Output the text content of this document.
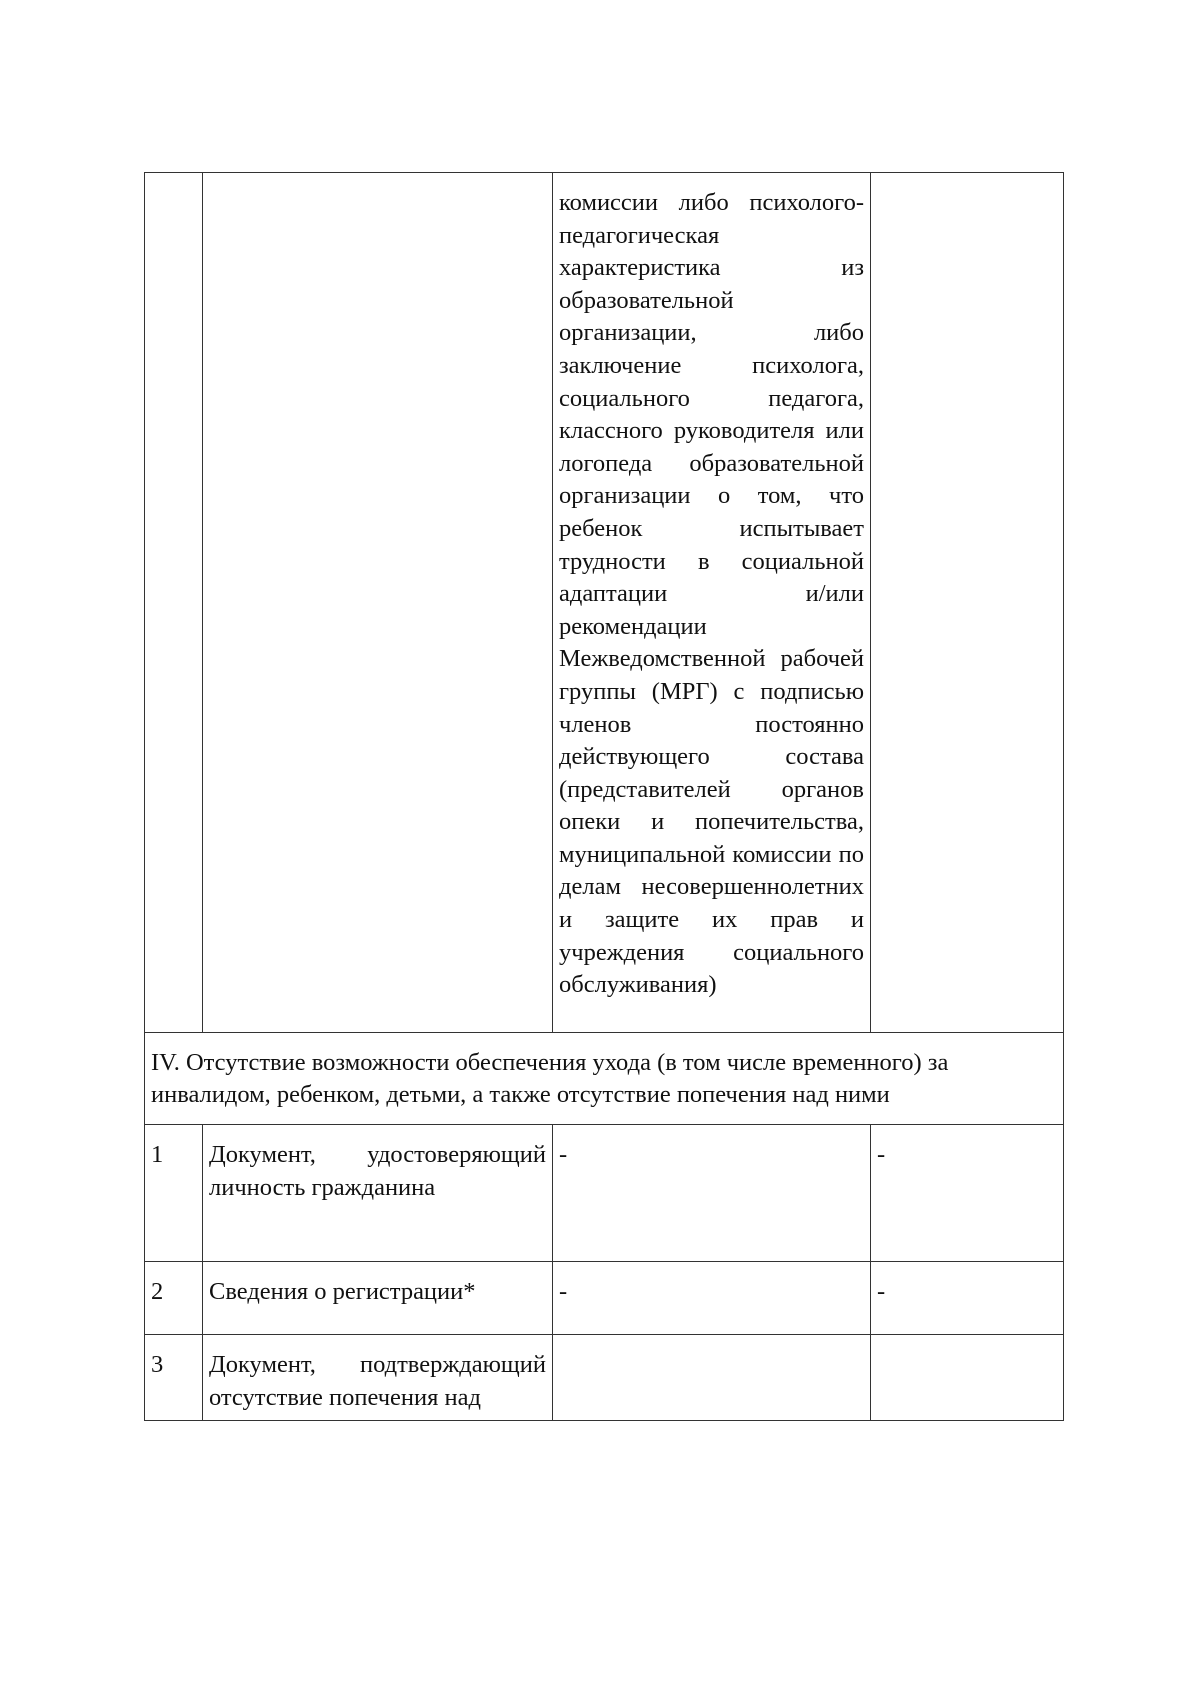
		комиссии либо психолого-педагогическая характеристика из образовательной организации, либо заключение психолога, социального педагога, классного руководителя или логопеда образовательной организации о том, что ребенок испытывает трудности в социальной адаптации и/или рекомендации Межведомственной рабочей группы (МРГ) с подписью членов постоянно действующего состава (представителей органов опеки и попечительства, муниципальной комиссии по делам несовершеннолетних и защите их прав и учреждения социального обслуживания)	
IV. Отсутствие возможности обеспечения ухода (в том числе временного) за инвалидом, ребенком, детьми, а также отсутствие попечения над ними			
1	Документ, удостоверяющий личность гражданина	-	-
2	Сведения о регистрации*	-	-
3	Документ, подтверждающий отсутствие попечения над		
